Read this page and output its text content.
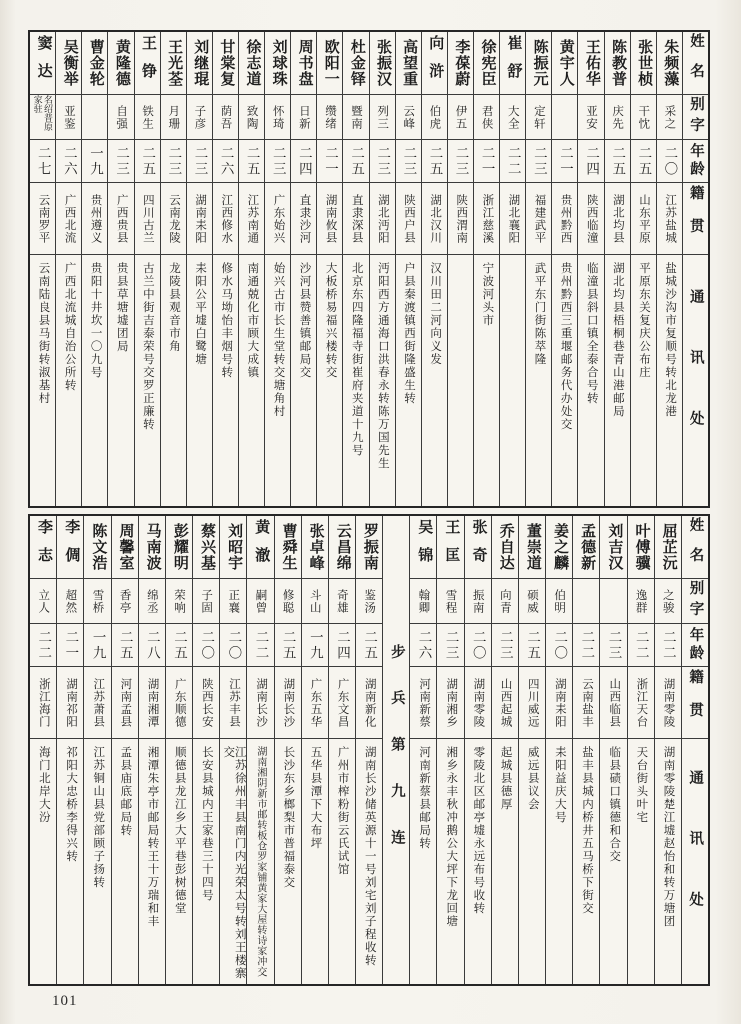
姓名
别字
年龄
籍贯
通讯处
朱频藻
采之
二〇
江苏盐城
盐城沙沟市复顺号转北龙港
张世桢
干忱
二五
山东平原
平原东关复庆公布庄
陈教普
庆先
二五
湖北均县
湖北均县梧桐巷青山港邮局
王佑华
亚安
二四
陕西临潼
临潼县斜口镇全泰合号转
黄宇人
二一
贵州黔西
贵州黔西三重堰邮务代办处交
陈振元
定轩
二三
福建武平
武平东门街陈萃隆
崔舒
大全
二二
湖北襄阳
徐宪臣
君侠
二一
浙江慈溪
宁波河头市
李葆蔚
伊五
二三
陕西渭南
向浒
伯虎
二五
湖北汉川
汉川田二河向义发
高望重
云峰
二三
陕西户县
户县秦渡镇西街隆盛生转
张振汉
列三
二三
湖北沔阳
沔阳西方通海口洪春永转陈万国先生
杜金铎
暨南
二五
直隶深县
北京东四隆福寺街崔府夹道十九号
欧阳一
缵绪
二一
湖南攸县
大板桥易福兴楼转交
周书盘
日新
二四
直隶沙河
沙河县赞善镇邮局交
刘球珠
怀琦
二三
广东始兴
始兴古市长生堂转交塘角村
徐志道
致陶
二五
江苏南通
南通兢化市顾大成镇
甘棠复
荫吾
二六
江西修水
修水马坳怡丰烟号转
刘继琨
子彦
二三
湖南耒阳
耒阳公平墟白鹭塘
王光荃
月珊
二三
云南龙陵
龙陵县观音市角
王铮
铁生
二五
四川古兰
古兰中街吉泰荣号交罗正廉转
黄隆德
自强
二三
广西贵县
贵县草塘墟团局
曹金轮
一九
贵州遵义
贵阳十井坎一〇九号
吴衡举
亚鉴
二六
广西北流
广西北流城自治公所转
窦达
名绍普原家驻
二七
云南罗平
云南陆良县马街转淑基村
姓名
别字
年龄
籍贯
通讯处
屈芷沅
之骏
二二
湖南零陵
湖南零陵楚江墟赵怡和转万塘团
叶傅骥
逸群
二二
浙江天台
天台街头叶宅
刘吉汉
二三
山西临县
临县碛口镇德和合交
孟德新
二二
云南盐丰
盐丰县城内桥井五马桥下街交
姜之麟
伯明
二〇
湖南耒阳
耒阳益庆大号
董崇道
硕威
二五
四川威远
威远县议会
乔自达
向青
二三
山西起城
起城县德厚
张奇
振南
二〇
湖南零陵
零陵北区邮亭墟永远布号收转
王匡
雪程
二三
湖南湘乡
湘乡永丰秋冲鹅公大坪下龙回塘
吴锦
翰卿
二六
河南新蔡
河南新蔡县邮局转
步兵第九连
罗振南
鉴汤
二五
湖南新化
湖南长沙储英源十一号刘宅刘子程收转
云昌绵
奇雄
二四
广东文昌
广州市榨粉街云氏试馆
张卓峰
斗山
一九
广东五华
五华县潭下大布坪
曹舜生
修聪
二五
湖南长沙
长沙东乡榔梨市普福泰交
黄澈
嗣曾
二二
湖南长沙
湖南湘阴新市邮转板仓罗家铺黄家大屋转诗家冲交
刘昭宇
正襄
二〇
江苏丰县
江苏徐州丰县南门内光荣太号转刘王楼寨交
蔡兴基
子固
二〇
陕西长安
长安县城内王家巷三十四号
彭耀明
荣响
二五
广东顺德
顺德县龙江乡大平巷彭树德堂
马南波
绵丞
二八
湖南湘潭
湘潭朱亭市邮局转王十万瑞和丰
周馨室
香亭
二五
河南孟县
孟县庙底邮局转
陈文浩
雪桥
一九
江苏萧县
江苏铜山县党部顾子扬转
李倜
超然
二一
湖南祁阳
祁阳大忠桥李得兴转
李志
立人
二二
浙江海门
海门北岸大汾
101
